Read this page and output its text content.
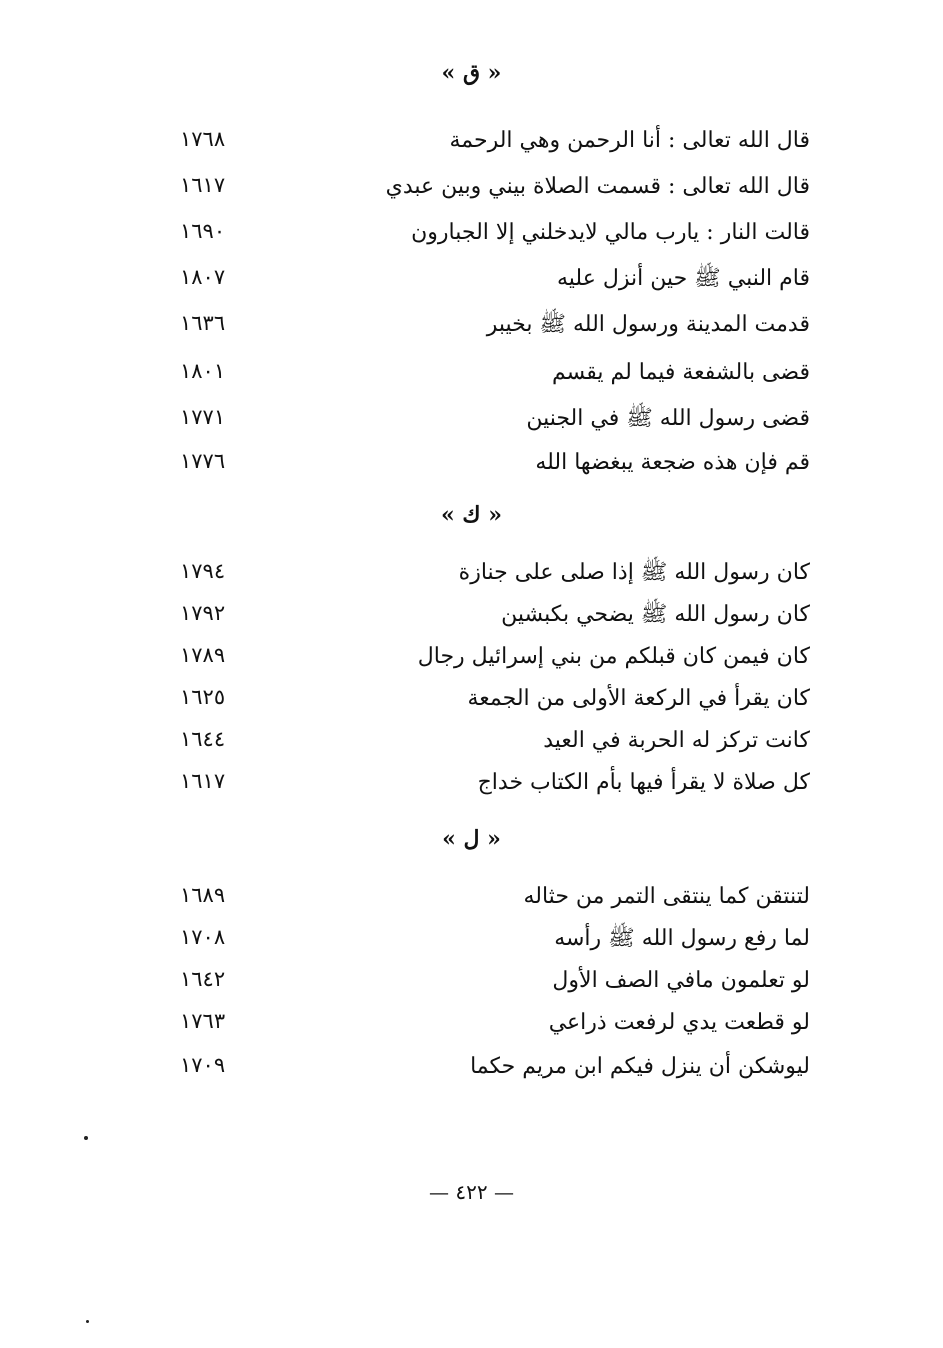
« ق »
قال الله تعالى : أنا الرحمن وهي الرحمة
١٧٦٨
قال الله تعالى : قسمت الصلاة بيني وبين عبدي
١٦١٧
قالت النار : يارب مالي لايدخلني إلا الجبارون
١٦٩٠
قام النبي ﷺ حين أنزل عليه
١٨٠٧
قدمت المدينة ورسول الله ﷺ بخيبر
١٦٣٦
قضى بالشفعة فيما لم يقسم
١٨٠١
قضى رسول الله ﷺ في الجنين
١٧٧١
قم فإن هذه ضجعة يبغضها الله
١٧٧٦
« ك »
كان رسول الله ﷺ إذا صلى على جنازة
١٧٩٤
كان رسول الله ﷺ يضحي بكبشين
١٧٩٢
كان فيمن كان قبلكم من بني إسرائيل رجال
١٧٨٩
كان يقرأ في الركعة الأولى من الجمعة
١٦٢٥
كانت تركز له الحربة في العيد
١٦٤٤
كل صلاة لا يقرأ فيها بأم الكتاب خداج
١٦١٧
« ل »
لتنتقن كما ينتقى التمر من حثاله
١٦٨٩
لما رفع رسول الله ﷺ رأسه
١٧٠٨
لو تعلمون مافي الصف الأول
١٦٤٢
لو قطعت يدي لرفعت ذراعي
١٧٦٣
ليوشكن أن ينزل فيكم ابن مريم حكما
١٧٠٩
— ٤٢٢ —
